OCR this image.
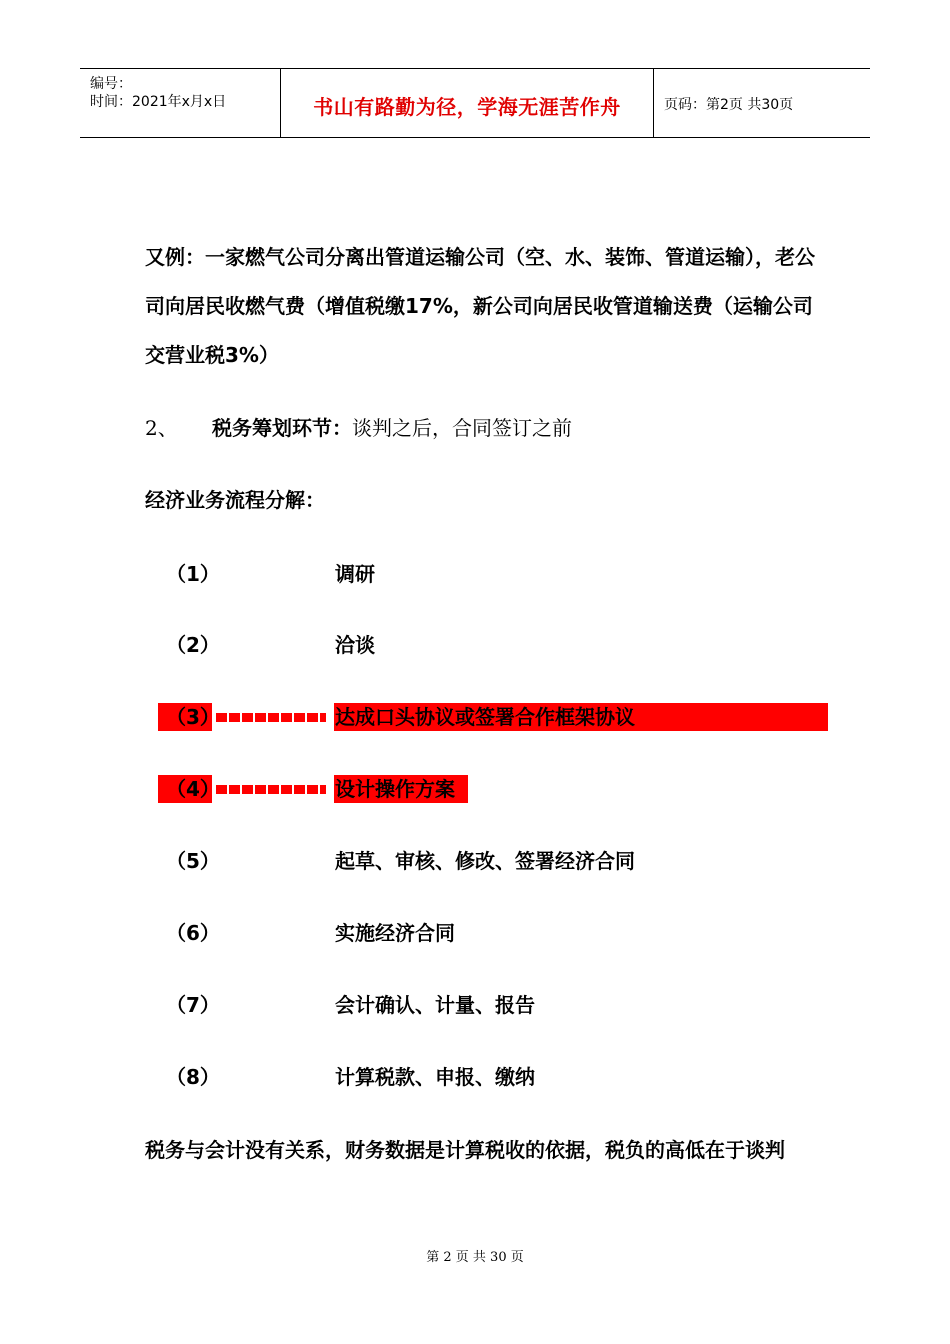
编号：
时间：2021年x月x日	书山有路勤为径，学海无涯苦作舟	页码：第2页 共30页
又例：一家燃气公司分离出管道运输公司（空、水、装饰、管道运输），老公司向居民收燃气费（增值税缴17%，新公司向居民收管道输送费（运输公司交营业税3%）
2、 税务筹划环节：谈判之后，合同签订之前
经济业务流程分解：
（1）	调研
（2）	洽谈
（3）	达成口头协议或签署合作框架协议
（4）	设计操作方案
（5）	起草、审核、修改、签署经济合同
（6）	实施经济合同
（7）	会计确认、计量、报告
（8）	计算税款、申报、缴纳
税务与会计没有关系，财务数据是计算税收的依据，税负的高低在于谈判
第 2 页 共 30 页
